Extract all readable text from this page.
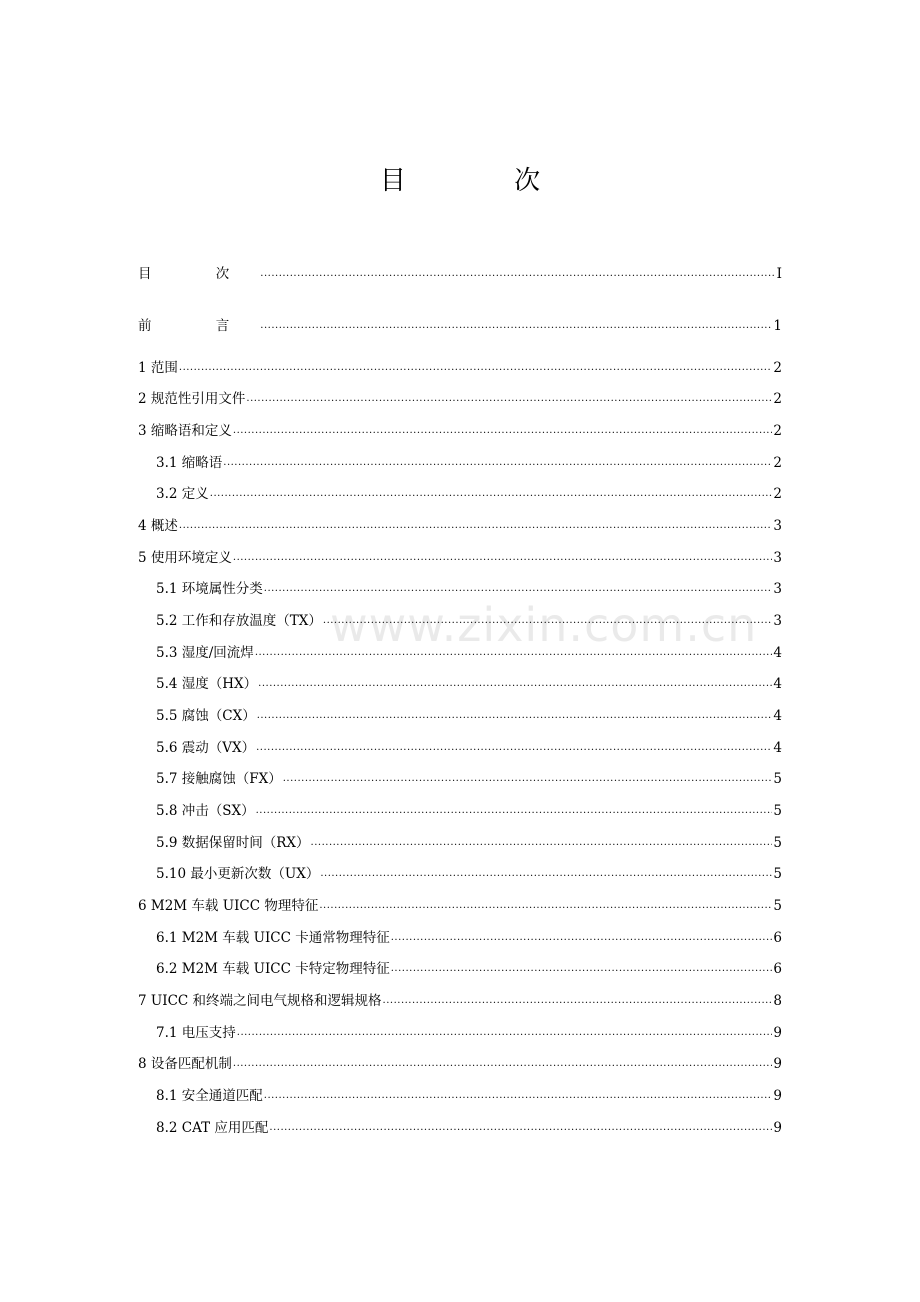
目 次
www.zixin.com.cn
目 次 .....	I
前 言 .....	1
1 范围 .....	2
2 规范性引用文件 .....	2
3 缩略语和定义 .....	2
3.1 缩略语 .....	2
3.2 定义 .....	2
4 概述 .....	3
5 使用环境定义 .....	3
5.1 环境属性分类 .....	3
5.2 工作和存放温度（TX） .....	3
5.3 湿度/回流焊 .....	4
5.4 湿度（HX） .....	4
5.5 腐蚀（CX） .....	4
5.6 震动（VX） .....	4
5.7 接触腐蚀（FX） .....	5
5.8 冲击（SX） .....	5
5.9 数据保留时间（RX） .....	5
5.10 最小更新次数（UX） .....	5
6 M2M 车载 UICC 物理特征 .....	5
6.1 M2M 车载 UICC 卡通常物理特征 .....	6
6.2 M2M 车载 UICC 卡特定物理特征 .....	6
7 UICC 和终端之间电气规格和逻辑规格 .....	8
7.1 电压支持 .....	9
8 设备匹配机制 .....	9
8.1 安全通道匹配 .....	9
8.2 CAT 应用匹配 .....	9
